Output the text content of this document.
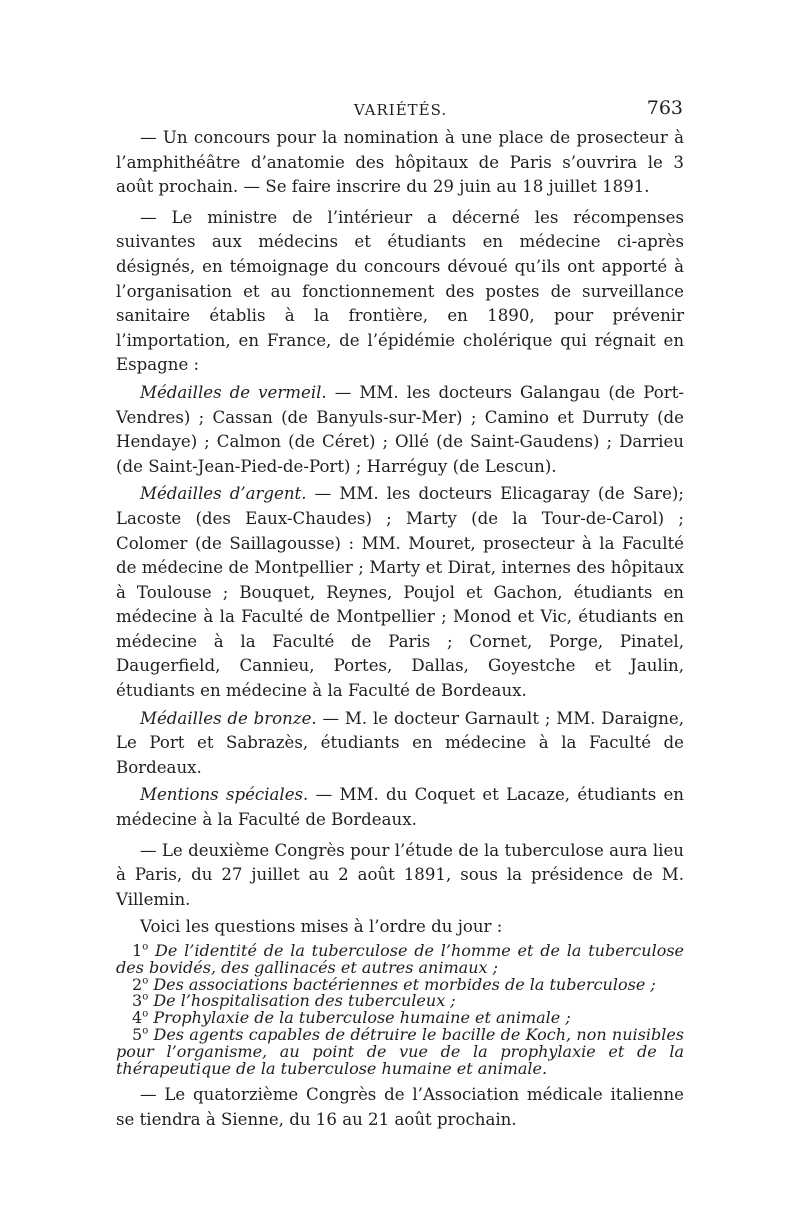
VARIÉTÉS.	763

— Un concours pour la nomination à une place de prosecteur à l’amphithéâtre d’anatomie des hôpitaux de Paris s’ouvrira le 3 août prochain. — Se faire inscrire du 29 juin au 18 juillet 1891.

— Le ministre de l’intérieur a décerné les récompenses suivantes aux médecins et étudiants en médecine ci-après désignés, en témoignage du concours dévoué qu’ils ont apporté à l’organisation et au fonctionnement des postes de surveillance sanitaire établis à la frontière, en 1890, pour prévenir l’importation, en France, de l’épidémie cholérique qui régnait en Espagne :

Médailles de vermeil. — MM. les docteurs Galangau (de Port-Vendres) ; Cassan (de Banyuls-sur-Mer) ; Camino et Durruty (de Hendaye) ; Calmon (de Céret) ; Ollé (de Saint-Gaudens) ; Darrieu (de Saint-Jean-Pied-de-Port) ; Harréguy (de Lescun).

Médailles d’argent. — MM. les docteurs Elicagaray (de Sare); Lacoste (des Eaux-Chaudes) ; Marty (de la Tour-de-Carol) ; Colomer (de Saillagousse) : MM. Mouret, prosecteur à la Faculté de médecine de Montpellier ; Marty et Dirat, internes des hôpitaux à Toulouse ; Bouquet, Reynes, Poujol et Gachon, étudiants en médecine à la Faculté de Montpellier ; Monod et Vic, étudiants en médecine à la Faculté de Paris ; Cornet, Porge, Pinatel, Daugerfield, Cannieu, Portes, Dallas, Goyestche et Jaulin, étudiants en médecine à la Faculté de Bordeaux.

Médailles de bronze. — M. le docteur Garnault ; MM. Daraigne, Le Port et Sabrazès, étudiants en médecine à la Faculté de Bordeaux.

Mentions spéciales. — MM. du Coquet et Lacaze, étudiants en médecine à la Faculté de Bordeaux.

— Le deuxième Congrès pour l’étude de la tuberculose aura lieu à Paris, du 27 juillet au 2 août 1891, sous la présidence de M. Villemin.

Voici les questions mises à l’ordre du jour :

1$^o$ De l’identité de la tuberculose de l’homme et de la tuberculose des bovidés, des gallinacés et autres animaux ;
2$^o$ Des associations bactériennes et morbides de la tuberculose ;
3$^o$ De l’hospitalisation des tuberculeux ;
4$^o$ Prophylaxie de la tuberculose humaine et animale ;
5$^o$ Des agents capables de détruire le bacille de Koch, non nuisibles pour l’organisme, au point de vue de la prophylaxie et de la thérapeutique de la tuberculose humaine et animale.

— Le quatorzième Congrès de l’Association médicale italienne se tiendra à Sienne, du 16 au 21 août prochain.
